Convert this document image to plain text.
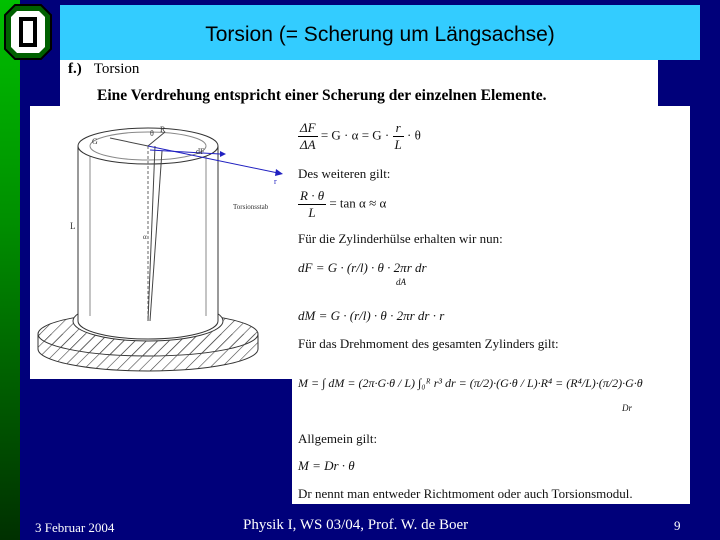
Torsion (= Scherung um Längsachse)
f.) Torsion
Eine Verdrehung entspricht einer Scherung der einzelnen Elemente.
G
θ R
dF
r
Torsionsstab
L
α
$\frac{\Delta F}{\Delta A} = G \cdot \alpha = G \cdot \frac{r}{L} \cdot \theta$
Des weiteren gilt:
$\frac{R \cdot \theta}{L} = \tan \alpha \approx \alpha$
Für die Zylinderhülse erhalten wir nun:
dF = G · (r/l) · θ · 2πr dr
dA
dM = G · (r/l) · θ · 2πr dr · r
Für das Drehmoment des gesamten Zylinders gilt:
M = ∫ dM = (2π·G·θ / L) ∫₀ᴿ r³ dr = (π/2)·(G·θ / L)·R⁴ = (R⁴/L)·(π/2)·G·θ
Dr
Allgemein gilt:
M = Dr · θ
Dr nennt man entweder Richtmoment oder auch Torsionsmodul.
3 Februar 2004	Physik I, WS 03/04, Prof. W. de Boer	9
